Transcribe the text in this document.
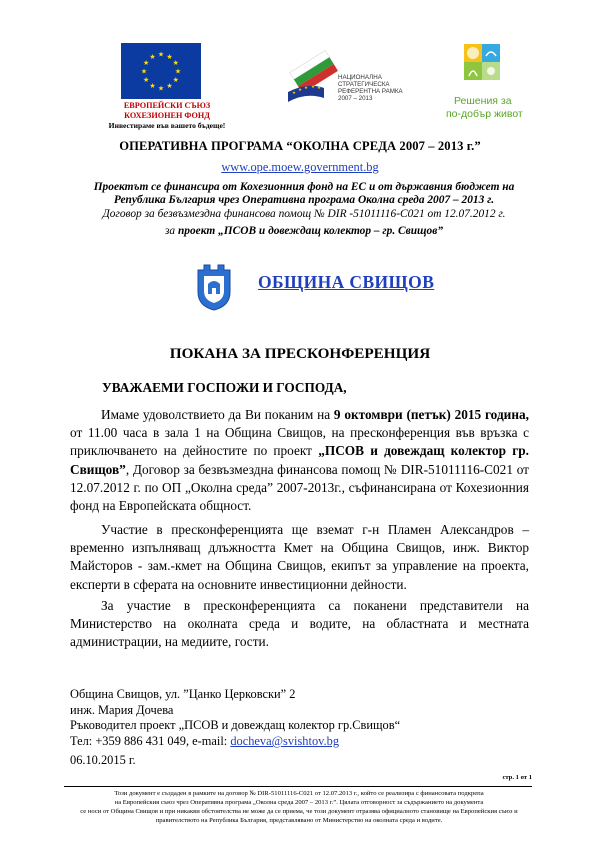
★ ★
★
★
★
★
★
★
★
★
★
★
ЕВРОПЕЙСКИ СЪЮЗ
КОХЕЗИОНЕН ФОНД
Инвестираме във вашето бъдеще!
★
★ ★ ★ ★
НАЦИОНАЛНА
СТРАТЕГИЧЕСКА
РЕФЕРЕНТНА РАМКА
2007 – 2013	Решения за
по-добър живот
ОПЕРАТИВНА ПРОГРАМА “ОКОЛНА СРЕДА 2007 – 2013 г.”
www.ope.moew.government.bg
Проектът се финансира от Кохезионния фонд на ЕС и от държавния бюджет на
Република България чрез Оперативна програма Околна среда 2007 – 2013 г.
Договор за безвъзмездна финансова помощ № DIR -51011116-C021 от 12.07.2012 г.
за проект „ПСОВ и довеждащ колектор – гр. Свищов”
ОБЩИНА СВИЩОВ
ПОКАНА ЗА ПРЕСКОНФЕРЕНЦИЯ
УВАЖАЕМИ ГОСПОЖИ И ГОСПОДА,

Имаме удоволствието да Ви поканим на 9 октомври (петък) 2015 година, от 11.00 часа в зала 1 на Община Свищов, на пресконференция във връзка с приключването на дейностите по проект „ПСОВ и довеждащ колектор гр. Свищов”, Договор за безвъзмездна финансова помощ № DIR-51011116-C021 от 12.07.2012 г. по ОП „Околна среда” 2007-2013г., съфинансирана от Кохезионния фонд на Европейската общност.

Участие в пресконференцията ще вземат г-н Пламен Александров – временно изпълняващ длъжността Кмет на Община Свищов, инж. Виктор Майсторов - зам.-кмет на Община Свищов, екипът за управление на проекта, експерти в сферата на основните инвестиционни дейности.

За участие в пресконференцията са поканени представители на Министерство на околната среда и водите, на областната и местната администрации, на медиите, гости.

Община Свищов, ул. ”Цанко Церковски” 2
инж. Мария Дочева
Ръководител проект „ПСОВ и довеждащ колектор гр.Свищов“
Тел: +359 886 431 049, e-mail: docheva@svishtov.bg
06.10.2015 г.
стр. 1 от 1
Този документ е създаден в рамките на договор № DIR-51011116-C021 от 12.07.2013 г., който се реализира с финансовата подкрепа
на Европейския съюз чрез Оперативна програма „Околна среда 2007 – 2013 г.”. Цялата отговорност за съдържанието на документа
се носи от Община Свищов и при никакви обстоятелства не може да се приема, че този документ отразява официалното становище на Европейския съюз и правителството на Република България, представлявано от Министерство на околната среда и водите.
